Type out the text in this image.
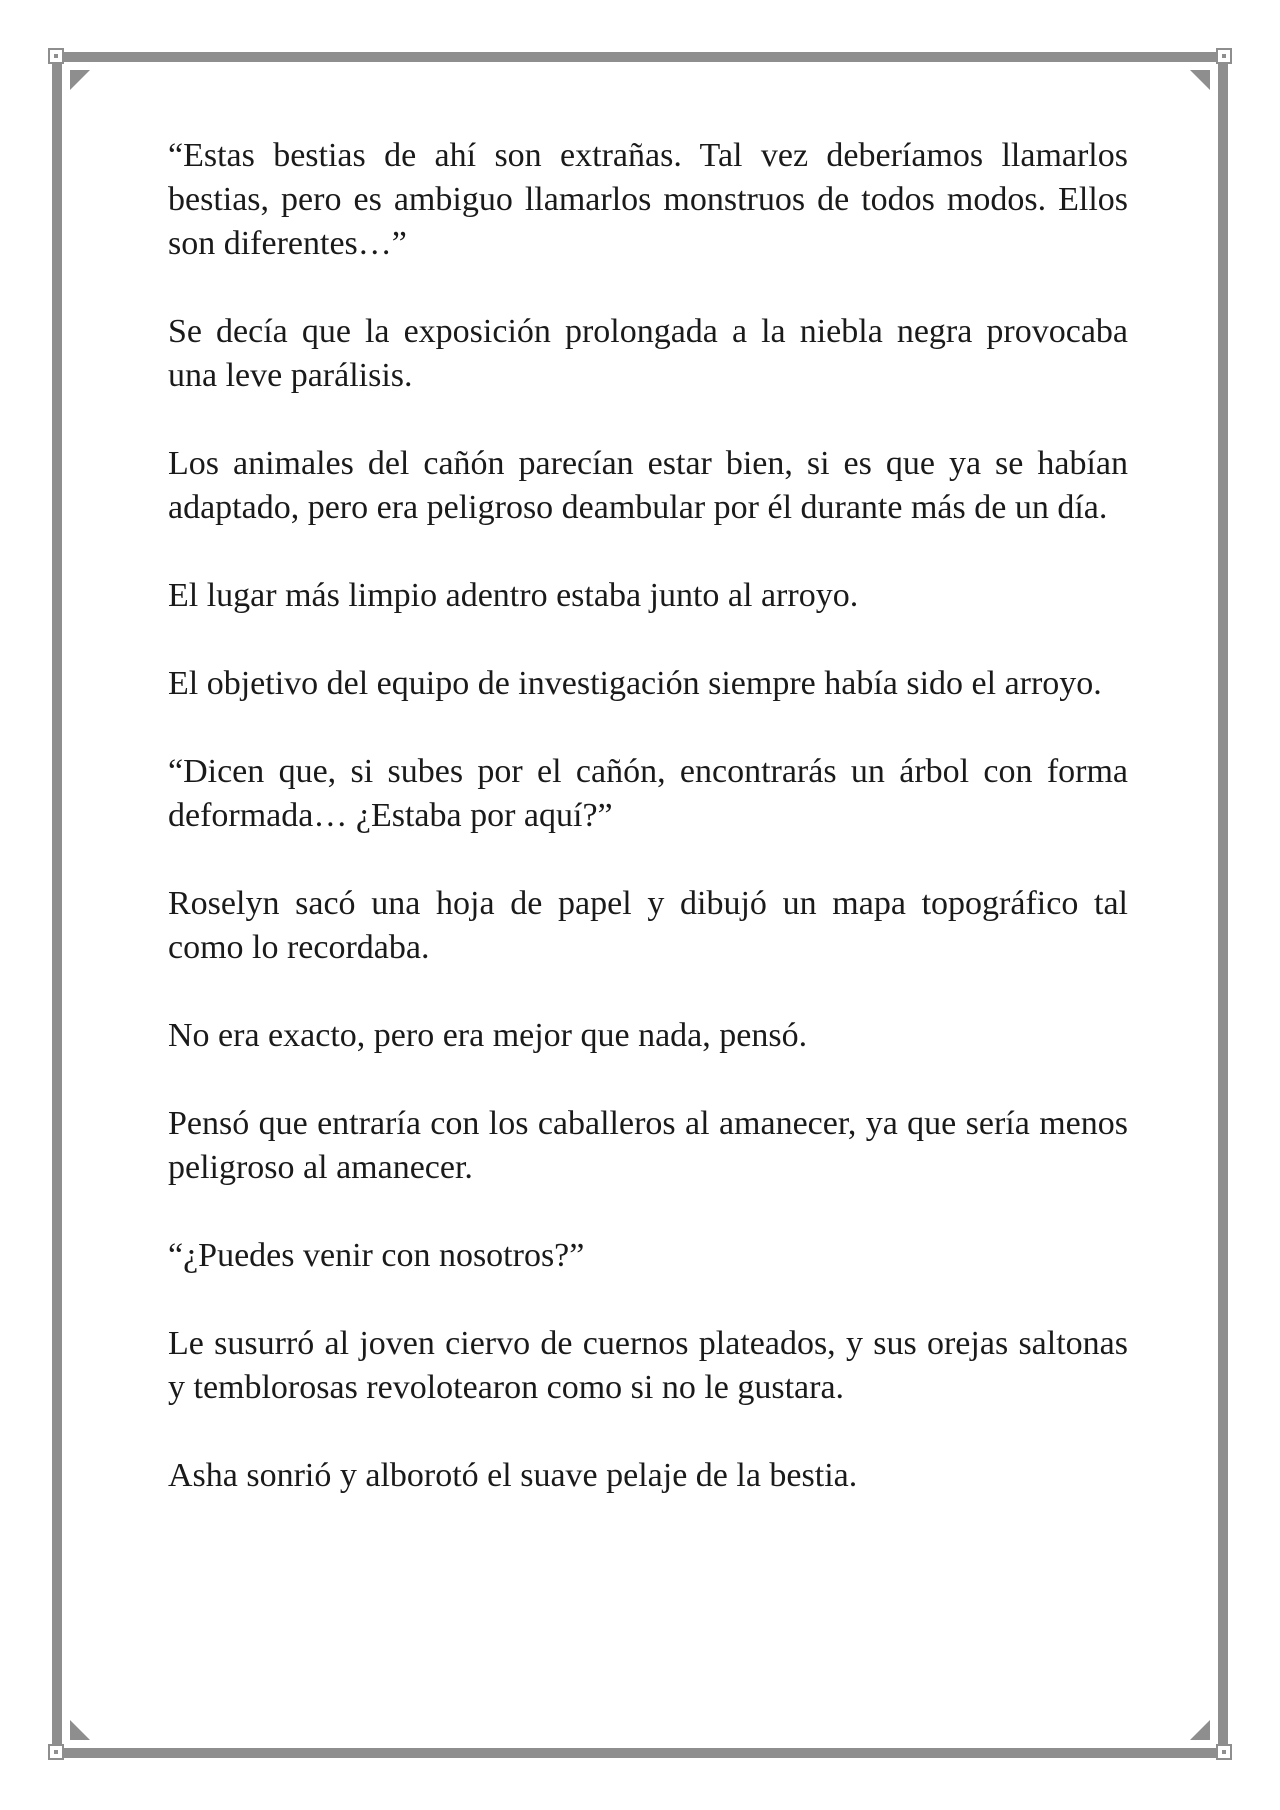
“Estas bestias de ahí son extrañas. Tal vez deberíamos llamarlos bestias, pero es ambiguo llamarlos monstruos de todos modos. Ellos son diferentes…”

Se decía que la exposición prolongada a la niebla negra provocaba una leve parálisis.

Los animales del cañón parecían estar bien, si es que ya se habían adaptado, pero era peligroso deambular por él durante más de un día.

El lugar más limpio adentro estaba junto al arroyo.

El objetivo del equipo de investigación siempre había sido el arroyo.

“Dicen que, si subes por el cañón, encontrarás un árbol con forma deformada… ¿Estaba por aquí?”

Roselyn sacó una hoja de papel y dibujó un mapa topográfico tal como lo recordaba.

No era exacto, pero era mejor que nada, pensó.

Pensó que entraría con los caballeros al amanecer, ya que sería menos peligroso al amanecer.

“¿Puedes venir con nosotros?”

Le susurró al joven ciervo de cuernos plateados, y sus orejas saltonas y temblorosas revolotearon como si no le gustara.

Asha sonrió y alborotó el suave pelaje de la bestia.
